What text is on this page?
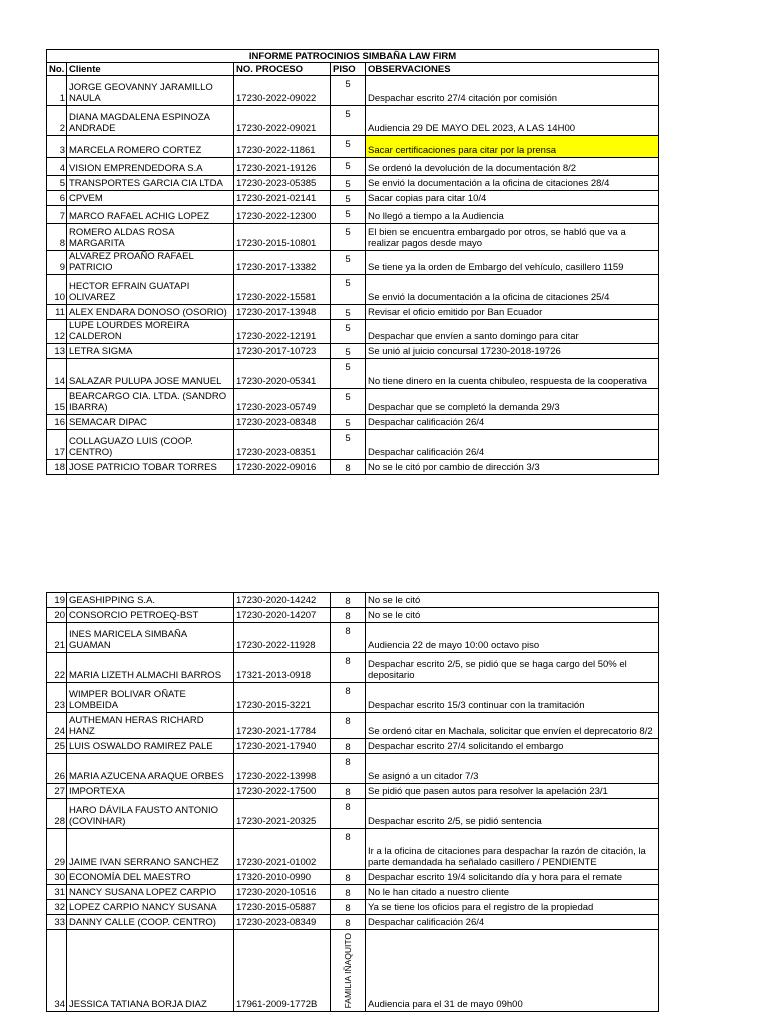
INFORME PATROCINIOS SIMBAÑA LAW FIRM				
No.	Cliente	NO. PROCESO	PISO	OBSERVACIONES
1	JORGE GEOVANNY JARAMILLO NAULA	17230-2022-09022	5	Despachar escrito 27/4 citación por comisión
2	DIANA MAGDALENA ESPINOZA ANDRADE	17230-2022-09021	5	Audiencia 29 DE MAYO DEL 2023, A LAS 14H00
3	MARCELA ROMERO CORTEZ	17230-2022-11861	5	Sacar certificaciones para citar por la prensa
4	VISION EMPRENDEDORA S.A	17230-2021-19126	5	Se ordenó la devolución de la documentación 8/2
5	TRANSPORTES GARCIA CIA LTDA	17230-2023-05385	5	Se envió la documentación a la oficina de citaciones 28/4
6	CPVEM	17230-2021-02141	5	Sacar copias para citar 10/4
7	MARCO RAFAEL ACHIG LOPEZ	17230-2022-12300	5	No llegó a tiempo a la Audiencia
8	ROMERO ALDAS ROSA MARGARITA	17230-2015-10801	5	El bien se encuentra embargado por otros, se habló que va a realizar pagos desde mayo
9	ALVAREZ PROAÑO RAFAEL PATRICIO	17230-2017-13382	5	Se tiene ya la orden de Embargo del vehículo, casillero 1159
10	HECTOR EFRAIN GUATAPI OLIVAREZ	17230-2022-15581	5	Se envió la documentación a la oficina de citaciones 25/4
11	ALEX ENDARA DONOSO (OSORIO)	17230-2017-13948	5	Revisar el oficio emitido por Ban Ecuador
12	LUPE LOURDES MOREIRA CALDERON	17230-2022-12191	5	Despachar que envíen a santo domingo para citar
13	LETRA SIGMA	17230-2017-10723	5	Se unió al juicio concursal 17230-2018-19726
14	SALAZAR PULUPA JOSE MANUEL	17230-2020-05341	5	No tiene dinero en la cuenta chibuleo, respuesta de la cooperativa
15	BEARCARGO CIA. LTDA. (SANDRO IBARRA)	17230-2023-05749	5	Despachar que se completó la demanda 29/3
16	SEMACAR DIPAC	17230-2023-08348	5	Despachar calificación 26/4
17	COLLAGUAZO LUIS (COOP. CENTRO)	17230-2023-08351	5	Despachar calificación 26/4
18	JOSE PATRICIO TOBAR TORRES	17230-2022-09016	8	No se le citó por cambio de dirección 3/3
19	GEASHIPPING S.A.	17230-2020-14242	8	No se le citó
20	CONSORCIO PETROEQ-BST	17230-2020-14207	8	No se le citó
21	INES MARICELA SIMBAÑA GUAMAN	17230-2022-11928	8	Audiencia 22 de mayo 10:00 octavo piso
22	MARIA LIZETH ALMACHI BARROS	17321-2013-0918	8	Despachar escrito 2/5, se pidió que se haga cargo del 50% el depositario
23	WIMPER BOLIVAR OÑATE LOMBEIDA	17230-2015-3221	8	Despachar escrito 15/3 continuar con la tramitación
24	AUTHEMAN HERAS RICHARD HANZ	17230-2021-17784	8	Se ordenó citar en Machala, solicitar que envíen el deprecatorio 8/2
25	LUIS OSWALDO RAMIREZ PALE	17230-2021-17940	8	Despachar escrito 27/4 solicitando el embargo
26	MARIA AZUCENA ARAQUE ORBES	17230-2022-13998	8	Se asignó a un citador 7/3
27	IMPORTEXA	17230-2022-17500	8	Se pidió que pasen autos para resolver la apelación 23/1
28	HARO DÁVILA FAUSTO ANTONIO (COVINHAR)	17230-2021-20325	8	Despachar escrito 2/5, se pidió sentencia
29	JAIME IVAN SERRANO SANCHEZ	17230-2021-01002	8	Ir a la oficina de citaciones para despachar la razón de citación, la parte demandada ha señalado casillero / PENDIENTE
30	ECONOMÍA DEL MAESTRO	17320-2010-0990	8	Despachar escrito 19/4 solicitando día y hora para el remate
31	NANCY SUSANA LOPEZ CARPIO	17230-2020-10516	8	No le han citado a nuestro cliente
32	LOPEZ CARPIO NANCY SUSANA	17230-2015-05887	8	Ya se tiene los oficios para el registro de la propiedad
33	DANNY CALLE (COOP. CENTRO)	17230-2023-08349	8	Despachar calificación 26/4
34	JESSICA TATIANA BORJA DIAZ	17961-2009-1772B	FAMILIA IÑAQUITO	Audiencia para el 31 de mayo 09h00
